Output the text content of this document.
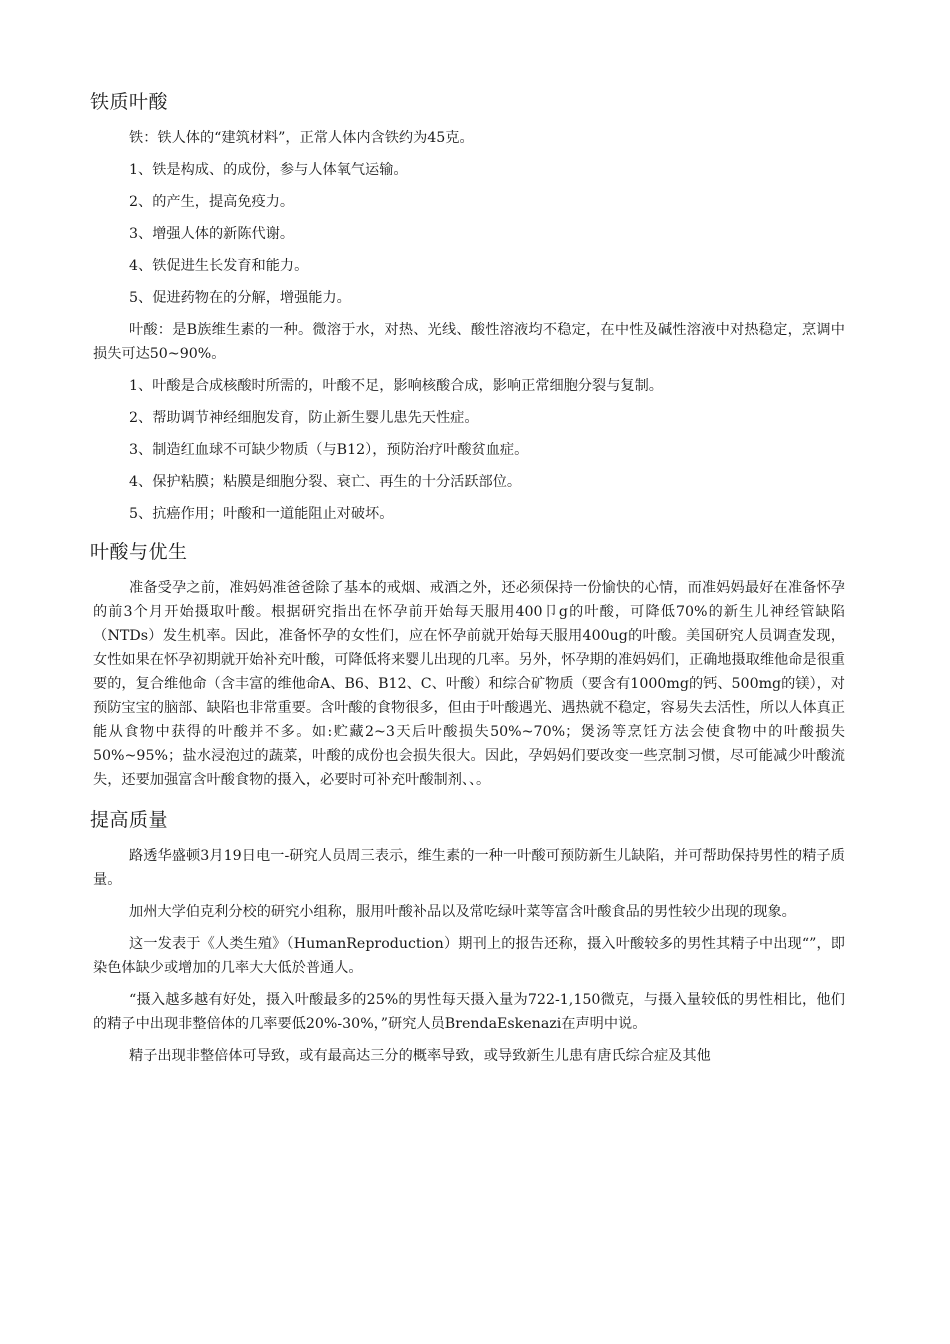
铁质叶酸

铁：铁人体的“建筑材料”，正常人体内含铁约为45克。

1、铁是构成、的成份，参与人体氧气运输。

2、的产生，提高免疫力。

3、增强人体的新陈代谢。

4、铁促进生长发育和能力。

5、促进药物在的分解，增强能力。

叶酸：是B族维生素的一种。微溶于水，对热、光线、酸性溶液均不稳定，在中性及碱性溶液中对热稳定，烹调中损失可达50~90%。

1、叶酸是合成核酸时所需的，叶酸不足，影响核酸合成，影响正常细胞分裂与复制。

2、帮助调节神经细胞发育，防止新生婴儿患先天性症。

3、制造红血球不可缺少物质（与B12），预防治疗叶酸贫血症。

4、保护粘膜；粘膜是细胞分裂、衰亡、再生的十分活跃部位。

5、抗癌作用；叶酸和一道能阻止对破坏。

叶酸与优生

准备受孕之前，准妈妈准爸爸除了基本的戒烟、戒酒之外，还必须保持一份愉快的心情，而准妈妈最好在准备怀孕的前3个月开始摄取叶酸。根据研究指出在怀孕前开始每天服用400卩g的叶酸，可降低70%的新生儿神经管缺陷（NTDs）发生机率。因此，准备怀孕的女性们，应在怀孕前就开始每天服用400ug的叶酸。美国研究人员调查发现，女性如果在怀孕初期就开始补充叶酸，可降低将来婴儿出现的几率。另外，怀孕期的准妈妈们，正确地摄取维他命是很重要的，复合维他命（含丰富的维他命A、B6、B12、C、叶酸）和综合矿物质（要含有1000mg的钙、500mg的镁），对预防宝宝的脑部、缺陷也非常重要。含叶酸的食物很多，但由于叶酸遇光、遇热就不稳定，容易失去活性，所以人体真正能从食物中获得的叶酸并不多。如:贮藏2~3天后叶酸损失50%~70%；煲汤等烹饪方法会使食物中的叶酸损失50%~95%；盐水浸泡过的蔬菜，叶酸的成份也会损失很大。因此，孕妈妈们要改变一些烹制习惯，尽可能减少叶酸流失，还要加强富含叶酸食物的摄入，必要时可补充叶酸制剂、、。

提高质量

路透华盛顿3月19日电一-研究人员周三表示，维生素的一种一叶酸可预防新生儿缺陷，并可帮助保持男性的精子质量。

加州大学伯克利分校的研究小组称，服用叶酸补品以及常吃绿叶菜等富含叶酸食品的男性较少出现的现象。

这一发表于《人类生殖》（HumanReproduction）期刊上的报告还称，摄入叶酸较多的男性其精子中出现“”，即染色体缺少或增加的几率大大低於普通人。

“摄入越多越有好处，摄入叶酸最多的25%的男性每天摄入量为722-1,150微克，与摄入量较低的男性相比，他们的精子中出现非整倍体的几率要低20%-30%，”研究人员BrendaEskenazi在声明中说。

精子出现非整倍体可导致，或有最高达三分的概率导致，或导致新生儿患有唐氏综合症及其他
